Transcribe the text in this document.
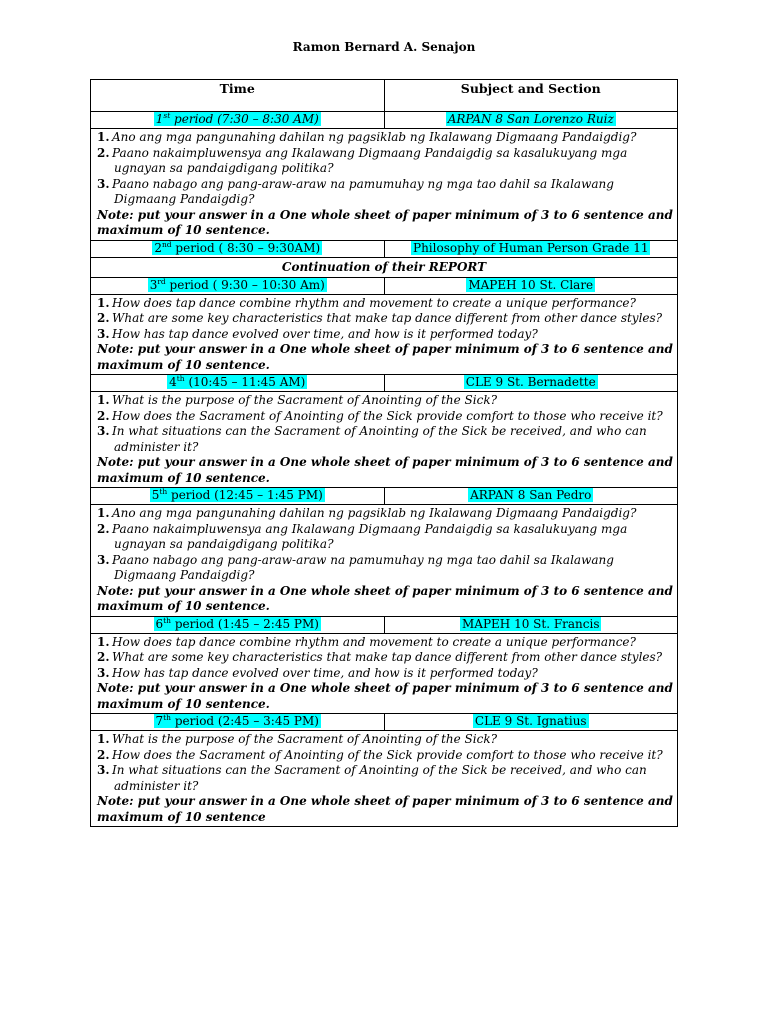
Ramon Bernard A. Senajon
Time	Subject and Section
1st period (7:30 – 8:30 AM)	ARPAN 8 San Lorenzo Ruiz
1. Ano ang mga pangunahing dahilan ng pagsiklab ng Ikalawang Digmaang Pandaigdig?
2. Paano nakaimpluwensya ang Ikalawang Digmaang Pandaigdig sa kasalukuyang mga ugnayan sa pandaigdigang politika?
3. Paano nabago ang pang-araw-araw na pamumuhay ng mga tao dahil sa Ikalawang Digmaang Pandaigdig?
Note: put your answer in a One whole sheet of paper minimum of 3 to 6 sentence and maximum of 10 sentence.
2nd period ( 8:30 – 9:30AM)	Philosophy of Human Person Grade 11
Continuation of their REPORT
3rd period ( 9:30 – 10:30 Am)	MAPEH 10 St. Clare
1. How does tap dance combine rhythm and movement to create a unique performance?
2. What are some key characteristics that make tap dance different from other dance styles?
3. How has tap dance evolved over time, and how is it performed today?
Note: put your answer in a One whole sheet of paper minimum of 3 to 6 sentence and maximum of 10 sentence.
4th (10:45 – 11:45 AM)	CLE 9 St. Bernadette
1. What is the purpose of the Sacrament of Anointing of the Sick?
2. How does the Sacrament of Anointing of the Sick provide comfort to those who receive it?
3. In what situations can the Sacrament of Anointing of the Sick be received, and who can administer it?
Note: put your answer in a One whole sheet of paper minimum of 3 to 6 sentence and maximum of 10 sentence.
5th period (12:45 – 1:45 PM)	ARPAN 8 San Pedro
1. Ano ang mga pangunahing dahilan ng pagsiklab ng Ikalawang Digmaang Pandaigdig?
2. Paano nakaimpluwensya ang Ikalawang Digmaang Pandaigdig sa kasalukuyang mga ugnayan sa pandaigdigang politika?
3. Paano nabago ang pang-araw-araw na pamumuhay ng mga tao dahil sa Ikalawang Digmaang Pandaigdig?
Note: put your answer in a One whole sheet of paper minimum of 3 to 6 sentence and maximum of 10 sentence.
6th period (1:45 – 2:45 PM)	MAPEH 10 St. Francis
1. How does tap dance combine rhythm and movement to create a unique performance?
2. What are some key characteristics that make tap dance different from other dance styles?
3. How has tap dance evolved over time, and how is it performed today?
Note: put your answer in a One whole sheet of paper minimum of 3 to 6 sentence and maximum of 10 sentence.
7th period (2:45 – 3:45 PM)	CLE 9 St. Ignatius
1. What is the purpose of the Sacrament of Anointing of the Sick?
2. How does the Sacrament of Anointing of the Sick provide comfort to those who receive it?
3. In what situations can the Sacrament of Anointing of the Sick be received, and who can administer it?
Note: put your answer in a One whole sheet of paper minimum of 3 to 6 sentence and maximum of 10 sentence
